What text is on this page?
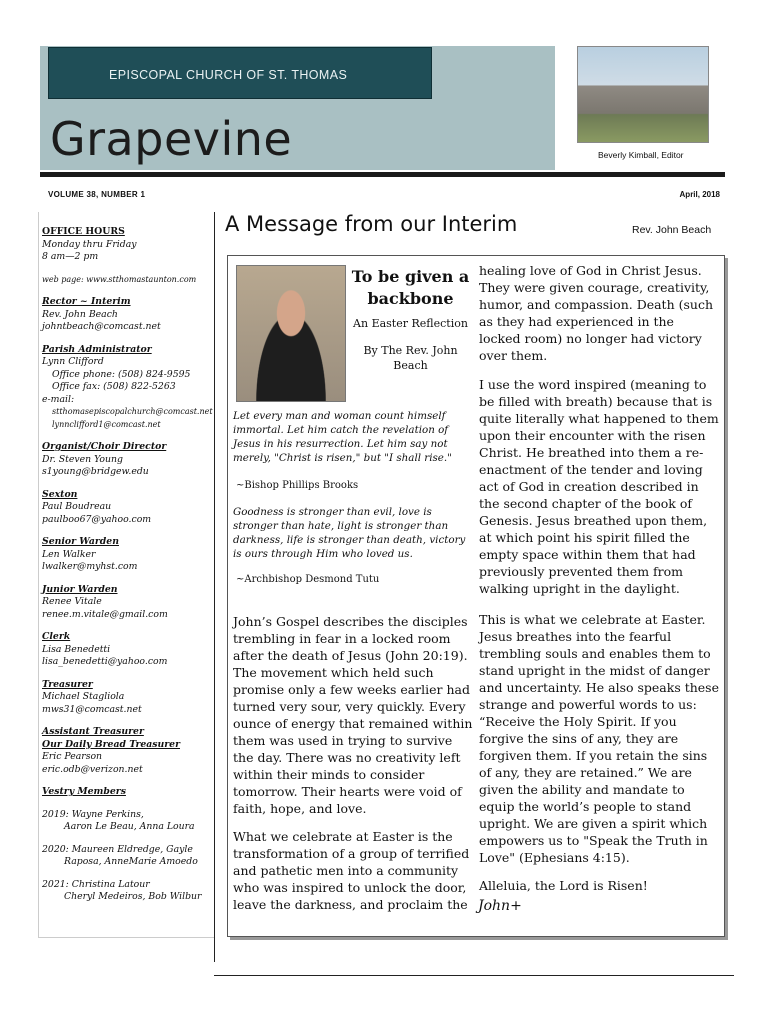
EPISCOPAL CHURCH OF ST. THOMAS
Grapevine	Beverly Kimball, Editor
VOLUME 38, NUMBER 1	April, 2018
OFFICE HOURS
Monday thru Friday
8 am—2 pm
web page: www.stthomastaunton.com
Rector ~ Interim
Rev. John Beach
johntbeach@comcast.net
Parish Administrator
Lynn Clifford
Office phone: (508) 824-9595
Office fax: (508) 822-5263
e-mail:
stthomasepiscopalchurch@comcast.net
lynnclifford1@comcast.net
Organist/Choir Director
Dr. Steven Young
s1young@bridgew.edu
Sexton
Paul Boudreau
paulboo67@yahoo.com
Senior Warden
Len Walker
lwalker@myhst.com
Junior Warden
Renee Vitale
renee.m.vitale@gmail.com
Clerk
Lisa Benedetti
lisa_benedetti@yahoo.com
Treasurer
Michael Stagliola
mws31@comcast.net
Assistant Treasurer
Our Daily Bread Treasurer
Eric Pearson
eric.odb@verizon.net
Vestry Members
2019: Wayne Perkins,
Aaron Le Beau, Anna Loura
2020: Maureen Eldredge, Gayle
Raposa, AnneMarie Amoedo
2021: Christina Latour
Cheryl Medeiros, Bob Wilbur
A Message from our Interim	Rev. John Beach
To be given a backbone
An Easter Reflection
By The Rev. John Beach
Let every man and woman count himself immortal. Let him catch the revelation of Jesus in his resurrection. Let him say not merely, "Christ is risen," but "I shall rise."
~Bishop Phillips Brooks
Goodness is stronger than evil, love is stronger than hate, light is stronger than darkness, life is stronger than death, victory is ours through Him who loved us.
~Archbishop Desmond Tutu
John’s Gospel describes the disciples trembling in fear in a locked room after the death of Jesus (John 20:19). The movement which held such promise only a few weeks earlier had turned very sour, very quickly. Every ounce of energy that remained within them was used in trying to survive the day. There was no creativity left within their minds to consider tomorrow. Their hearts were void of faith, hope, and love.
What we celebrate at Easter is the transformation of a group of terrified and pathetic men into a community who was inspired to unlock the door, leave the darkness, and proclaim the
healing love of God in Christ Jesus. They were given courage, creativity, humor, and compassion. Death (such as they had experienced in the locked room) no longer had victory over them.
I use the word inspired (meaning to be filled with breath) because that is quite literally what happened to them upon their encounter with the risen Christ. He breathed into them a re-enactment of the tender and loving act of God in creation described in the second chapter of the book of Genesis. Jesus breathed upon them, at which point his spirit filled the empty space within them that had previously prevented them from walking upright in the daylight.
This is what we celebrate at Easter. Jesus breathes into the fearful trembling souls and enables them to stand upright in the midst of danger and uncertainty. He also speaks these strange and powerful words to us: “Receive the Holy Spirit. If you forgive the sins of any, they are forgiven them. If you retain the sins of any, they are retained.” We are given the ability and mandate to equip the world’s people to stand upright. We are given a spirit which empowers us to "Speak the Truth in Love" (Ephesians 4:15).
Alleluia, the Lord is Risen!
John+
